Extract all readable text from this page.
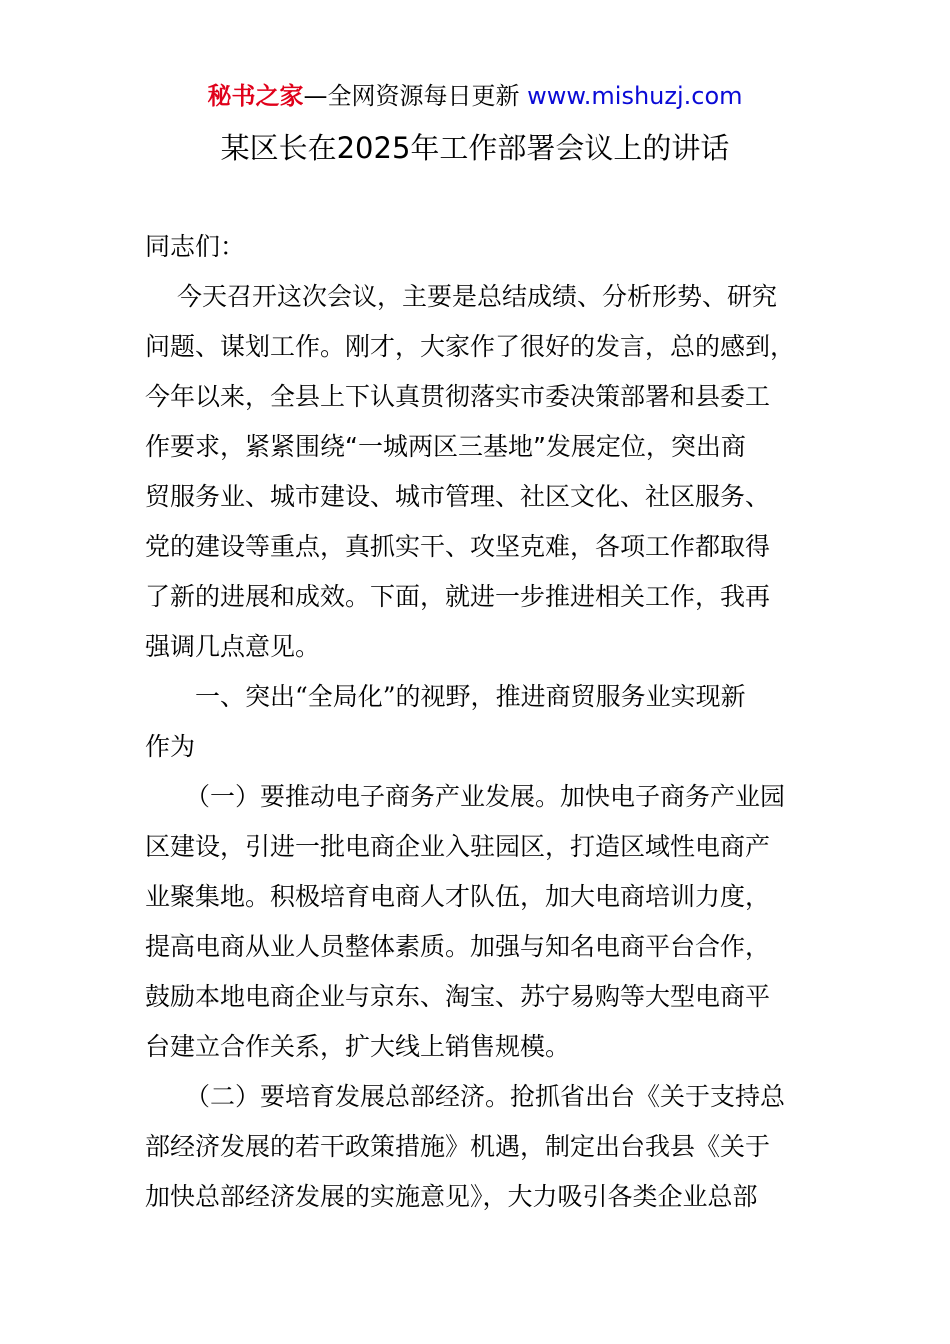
秘书之家—全网资源每日更新 www.mishuzj.com
某区长在2025年工作部署会议上的讲话
同志们：
今天召开这次会议，主要是总结成绩、分析形势、研究
问题、谋划工作。刚才，大家作了很好的发言，总的感到，
今年以来，全县上下认真贯彻落实市委决策部署和县委工
作要求，紧紧围绕“一城两区三基地”发展定位，突出商
贸服务业、城市建设、城市管理、社区文化、社区服务、
党的建设等重点，真抓实干、攻坚克难，各项工作都取得
了新的进展和成效。下面，就进一步推进相关工作，我再
强调几点意见。
一、突出“全局化”的视野，推进商贸服务业实现新
作为
（一）要推动电子商务产业发展。加快电子商务产业园
区建设，引进一批电商企业入驻园区，打造区域性电商产
业聚集地。积极培育电商人才队伍，加大电商培训力度，
提高电商从业人员整体素质。加强与知名电商平台合作，
鼓励本地电商企业与京东、淘宝、苏宁易购等大型电商平
台建立合作关系，扩大线上销售规模。
（二）要培育发展总部经济。抢抓省出台《关于支持总
部经济发展的若干政策措施》机遇，制定出台我县《关于
加快总部经济发展的实施意见》，大力吸引各类企业总部
